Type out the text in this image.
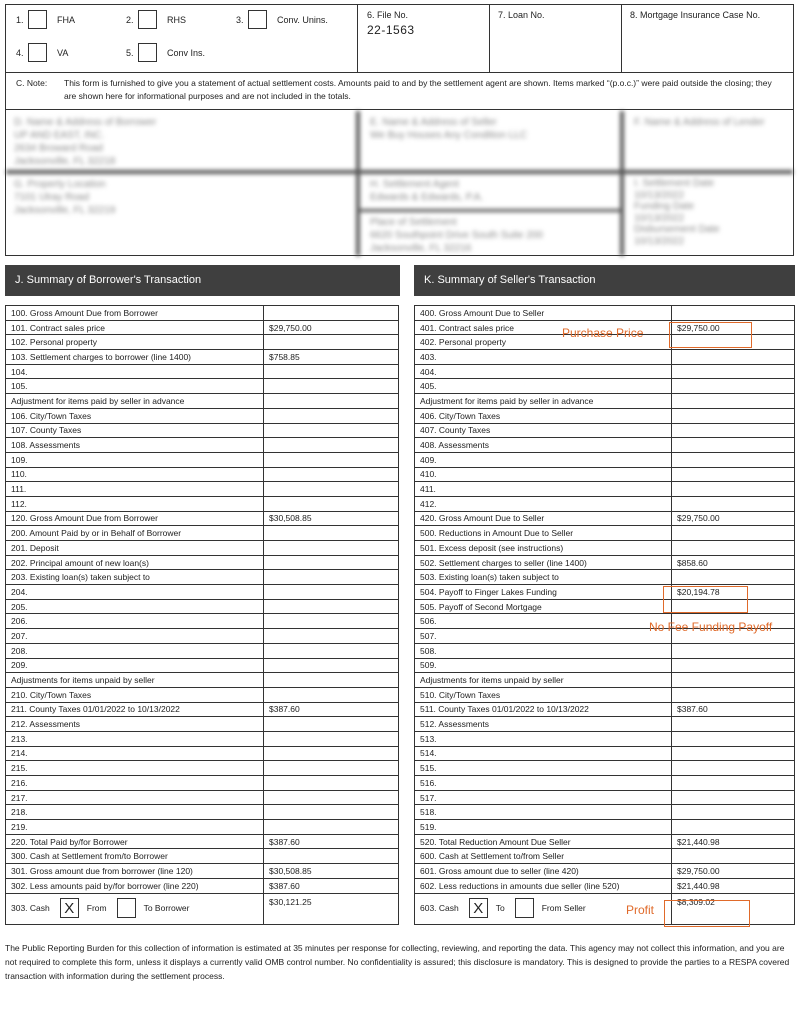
1.	FHA	2.	RHS	3.	Conv. Unins.
4.	VA	5.	Conv Ins.
6. File No.
22-1563
7. Loan No.	8. Mortgage Insurance Case No.
C. Note:	This form is furnished to give you a statement of actual settlement costs. Amounts paid to and by the settlement agent are shown. Items marked “(p.o.c.)” were paid outside the closing; they are shown here for informational purposes and are not included in the totals.
D. Name & Address of Borrower
UP AND EAST, INC.
2634 Broward Road
Jacksonville, FL 32218
E. Name & Address of Seller
We Buy Houses Any Condition LLC
F. Name & Address of Lender
G. Property Location
7101 Ulray Road
Jacksonville, FL 32219
H. Settlement Agent
Edwards & Edwards, P.A.
Place of Settlement
6620 Southpoint Drive South Suite 200
Jacksonville, FL 32216
I. Settlement Date
10/13/2022
Funding Date
10/13/2022
Disbursement Date
10/13/2022
J. Summary of Borrower's Transaction
100. Gross Amount Due from Borrower	
101. Contract sales price	$29,750.00
102. Personal property	
103. Settlement charges to borrower (line 1400)	$758.85
104.	
105.	
Adjustment for items paid by seller in advance	
106. City/Town Taxes	
107. County Taxes	
108. Assessments	
109.	
110.	
111.	
112.	
120. Gross Amount Due from Borrower	$30,508.85
200. Amount Paid by or in Behalf of Borrower	
201. Deposit	
202. Principal amount of new loan(s)	
203. Existing loan(s) taken subject to	
204.	
205.	
206.	
207.	
208.	
209.	
Adjustments for items unpaid by seller	
210. City/Town Taxes	
211. County Taxes 01/01/2022 to 10/13/2022	$387.60
212. Assessments	
213.	
214.	
215.	
216.	
217.	
218.	
219.	
220. Total Paid by/for Borrower	$387.60
300. Cash at Settlement from/to Borrower	
301. Gross amount due from borrower (line 120)	$30,508.85
302. Less amounts paid by/for borrower (line 220)	$387.60

303. Cash X From To Borrower	$30,121.25
K. Summary of Seller's Transaction
400. Gross Amount Due to Seller	
401. Contract sales price	$29,750.00
402. Personal property	
403.	
404.	
405.	
Adjustment for items paid by seller in advance	
406. City/Town Taxes	
407. County Taxes	
408. Assessments	
409.	
410.	
411.	
412.	
420. Gross Amount Due to Seller	$29,750.00
500. Reductions in Amount Due to Seller	
501. Excess deposit (see instructions)	
502. Settlement charges to seller (line 1400)	$858.60
503. Existing loan(s) taken subject to	
504. Payoff to Finger Lakes Funding	$20,194.78
505. Payoff of Second Mortgage	
506.	
507.	
508.	
509.	
Adjustments for items unpaid by seller	
510. City/Town Taxes	
511. County Taxes 01/01/2022 to 10/13/2022	$387.60
512. Assessments	
513.	
514.	
515.	
516.	
517.	
518.	
519.	
520. Total Reduction Amount Due Seller	$21,440.98
600. Cash at Settlement to/from Seller	
601. Gross amount due to seller (line 420)	$29,750.00
602. Less reductions in amounts due seller (line 520)	$21,440.98

603. Cash X To From Seller	$8,309.02
Purchase Price
No Fee Funding Payoff
Profit
The Public Reporting Burden for this collection of information is estimated at 35 minutes per response for collecting, reviewing, and reporting the data. This agency may not collect this information, and you are not required to complete this form, unless it displays a currently valid OMB control number. No confidentiality is assured; this disclosure is mandatory. This is designed to provide the parties to a RESPA covered transaction with information during the settlement process.
